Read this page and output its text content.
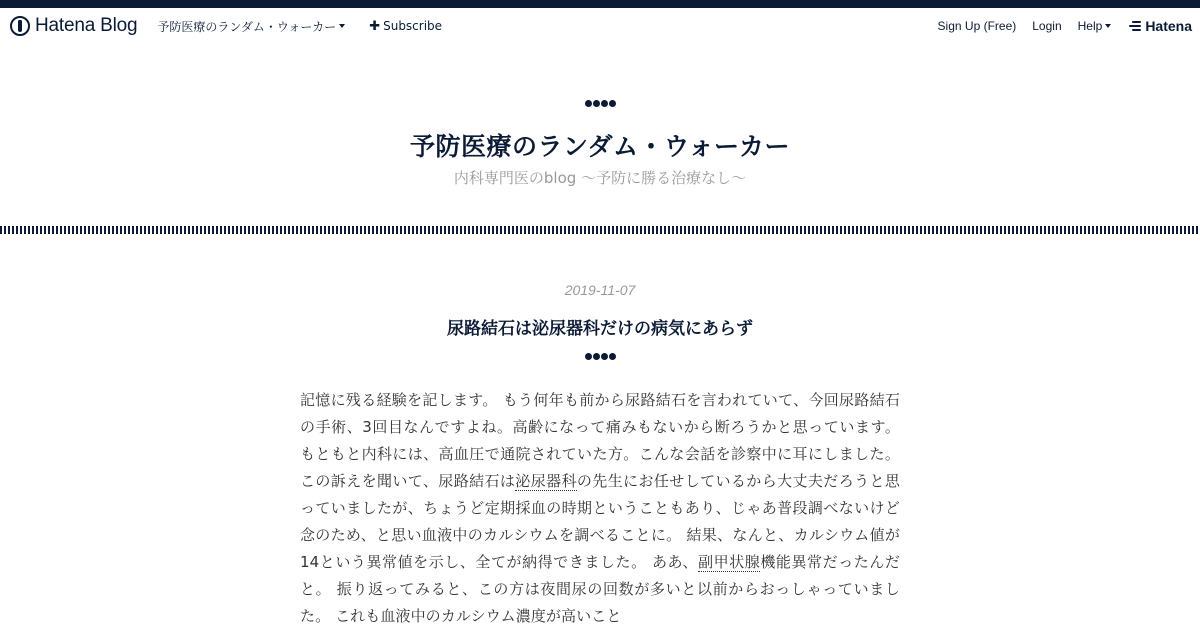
Hatena Blog 予防医療のランダム・ウォーカー	✚ Subscribe	Sign Up (Free) Login Help	Hatena
予防医療のランダム・ウォーカー

内科専門医のblog 〜予防に勝る治療なし〜

2019-11-07
尿路結石は泌尿器科だけの病気にあらず
記憶に残る経験を記します。 もう何年も前から尿路結石を言われていて、今回尿路結石の手術、3回目なんですよね。高齢になって痛みもないから断ろうかと思っています。 もともと内科には、高血圧で通院されていた方。こんな会話を診察中に耳にしました。 この訴えを聞いて、尿路結石は泌尿器科の先生にお任せしているから大丈夫だろうと思っていましたが、ちょうど定期採血の時期ということもあり、じゃあ普段調べないけど念のため、と思い血液中のカルシウムを調べることに。 結果、なんと、カルシウム値が14という異常値を示し、全てが納得できました。 ああ、副甲状腺機能異常だったんだと。 振り返ってみると、この方は夜間尿の回数が多いと以前からおっしゃっていました。 これも血液中のカルシウム濃度が高いこと
